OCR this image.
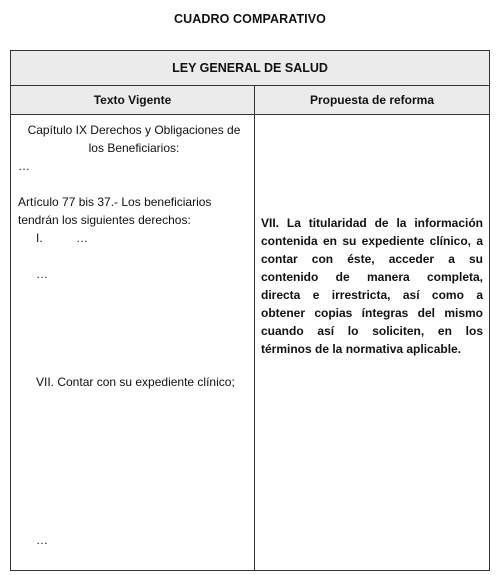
CUADRO COMPARATIVO
LEY GENERAL DE SALUD
Texto Vigente	Propuesta de reforma
Capítulo IX Derechos y Obligaciones de
los Beneficiarios:
…
Artículo 77 bis 37.- Los beneficiarios
tendrán los siguientes derechos:
I.	…
…
VII. Contar con su expediente clínico;
…
VII. La titularidad de la información contenida en su expediente clínico, a contar con éste, acceder a su contenido de manera completa, directa e irrestricta, así como a obtener copias íntegras del mismo cuando así lo soliciten, en los términos de la normativa aplicable.
